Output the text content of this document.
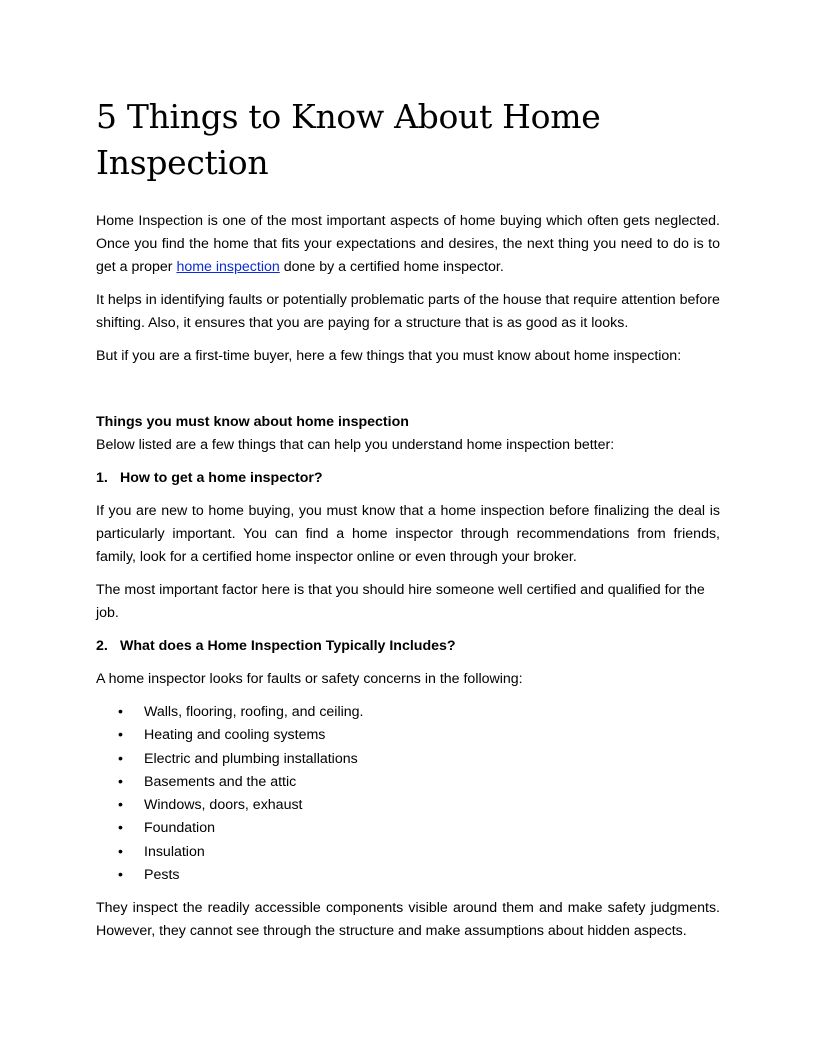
5 Things to Know About Home Inspection

Home Inspection is one of the most important aspects of home buying which often gets neglected. Once you find the home that fits your expectations and desires, the next thing you need to do is to get a proper home inspection done by a certified home inspector.

It helps in identifying faults or potentially problematic parts of the house that require attention before shifting. Also, it ensures that you are paying for a structure that is as good as it looks.

But if you are a first-time buyer, here a few things that you must know about home inspection:

Things you must know about home inspection

Below listed are a few things that can help you understand home inspection better:

1. How to get a home inspector?

If you are new to home buying, you must know that a home inspection before finalizing the deal is particularly important. You can find a home inspector through recommendations from friends, family, look for a certified home inspector online or even through your broker.

The most important factor here is that you should hire someone well certified and qualified for the job.

2. What does a Home Inspection Typically Includes?

A home inspector looks for faults or safety concerns in the following:

•	Walls, flooring, roofing, and ceiling.
•	Heating and cooling systems
•	Electric and plumbing installations
•	Basements and the attic
•	Windows, doors, exhaust
•	Foundation
•	Insulation
•	Pests

They inspect the readily accessible components visible around them and make safety judgments. However, they cannot see through the structure and make assumptions about hidden aspects.
